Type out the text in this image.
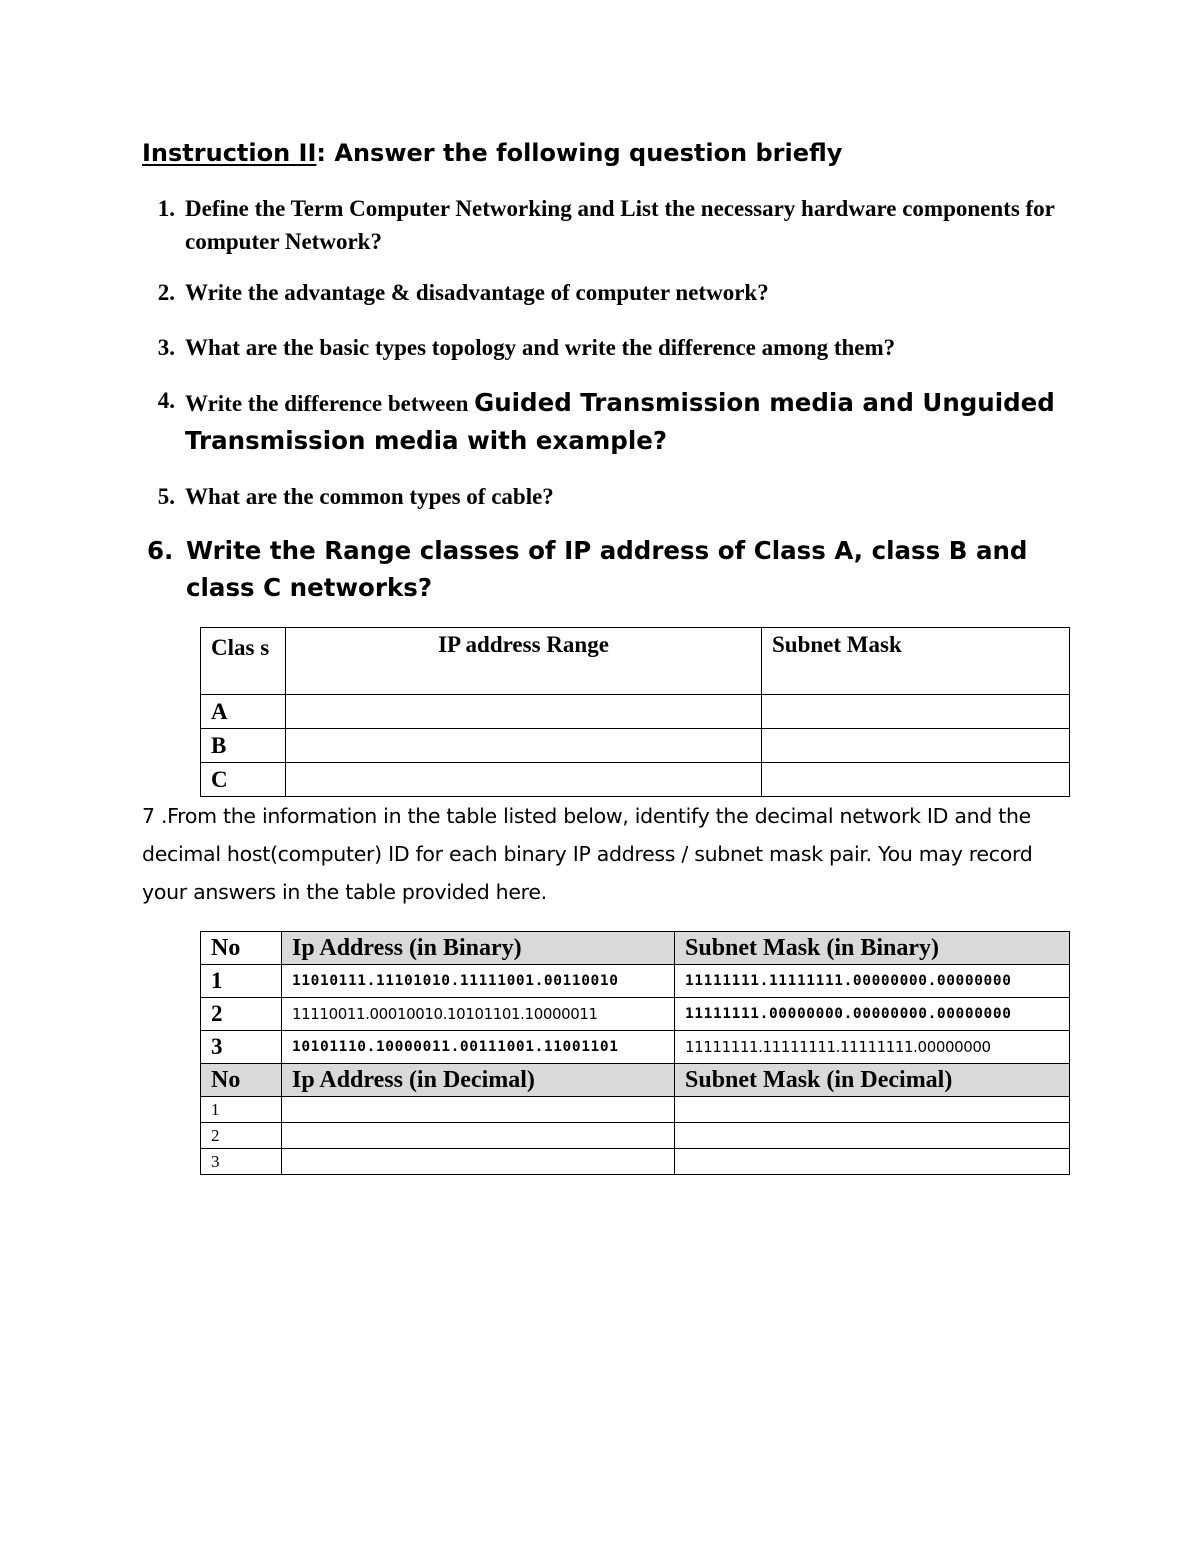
Instruction II: Answer the following question briefly
1. Define the Term Computer Networking and List the necessary hardware components for computer Network?
2. Write the advantage & disadvantage of computer network?
3. What are the basic types topology and write the difference among them?
4. Write the difference between Guided Transmission media and Unguided Transmission media with example?
5. What are the common types of cable?
6. Write the Range classes of IP address of Class A, class B and class C networks?
Clas s	IP address Range	Subnet Mask
A		
B		
C		
7 .From the information in the table listed below, identify the decimal network ID and the decimal host(computer) ID for each binary IP address / subnet mask pair. You may record your answers in the table provided here.
No	Ip Address (in Binary)	Subnet Mask (in Binary)
1	11010111.11101010.11111001.00110010	11111111.11111111.00000000.00000000
2	11110011.00010010.10101101.10000011	11111111.00000000.00000000.00000000
3	10101110.10000011.00111001.11001101	11111111.11111111.11111111.00000000
No	Ip Address (in Decimal)	Subnet Mask (in Decimal)
1		
2		
3		
